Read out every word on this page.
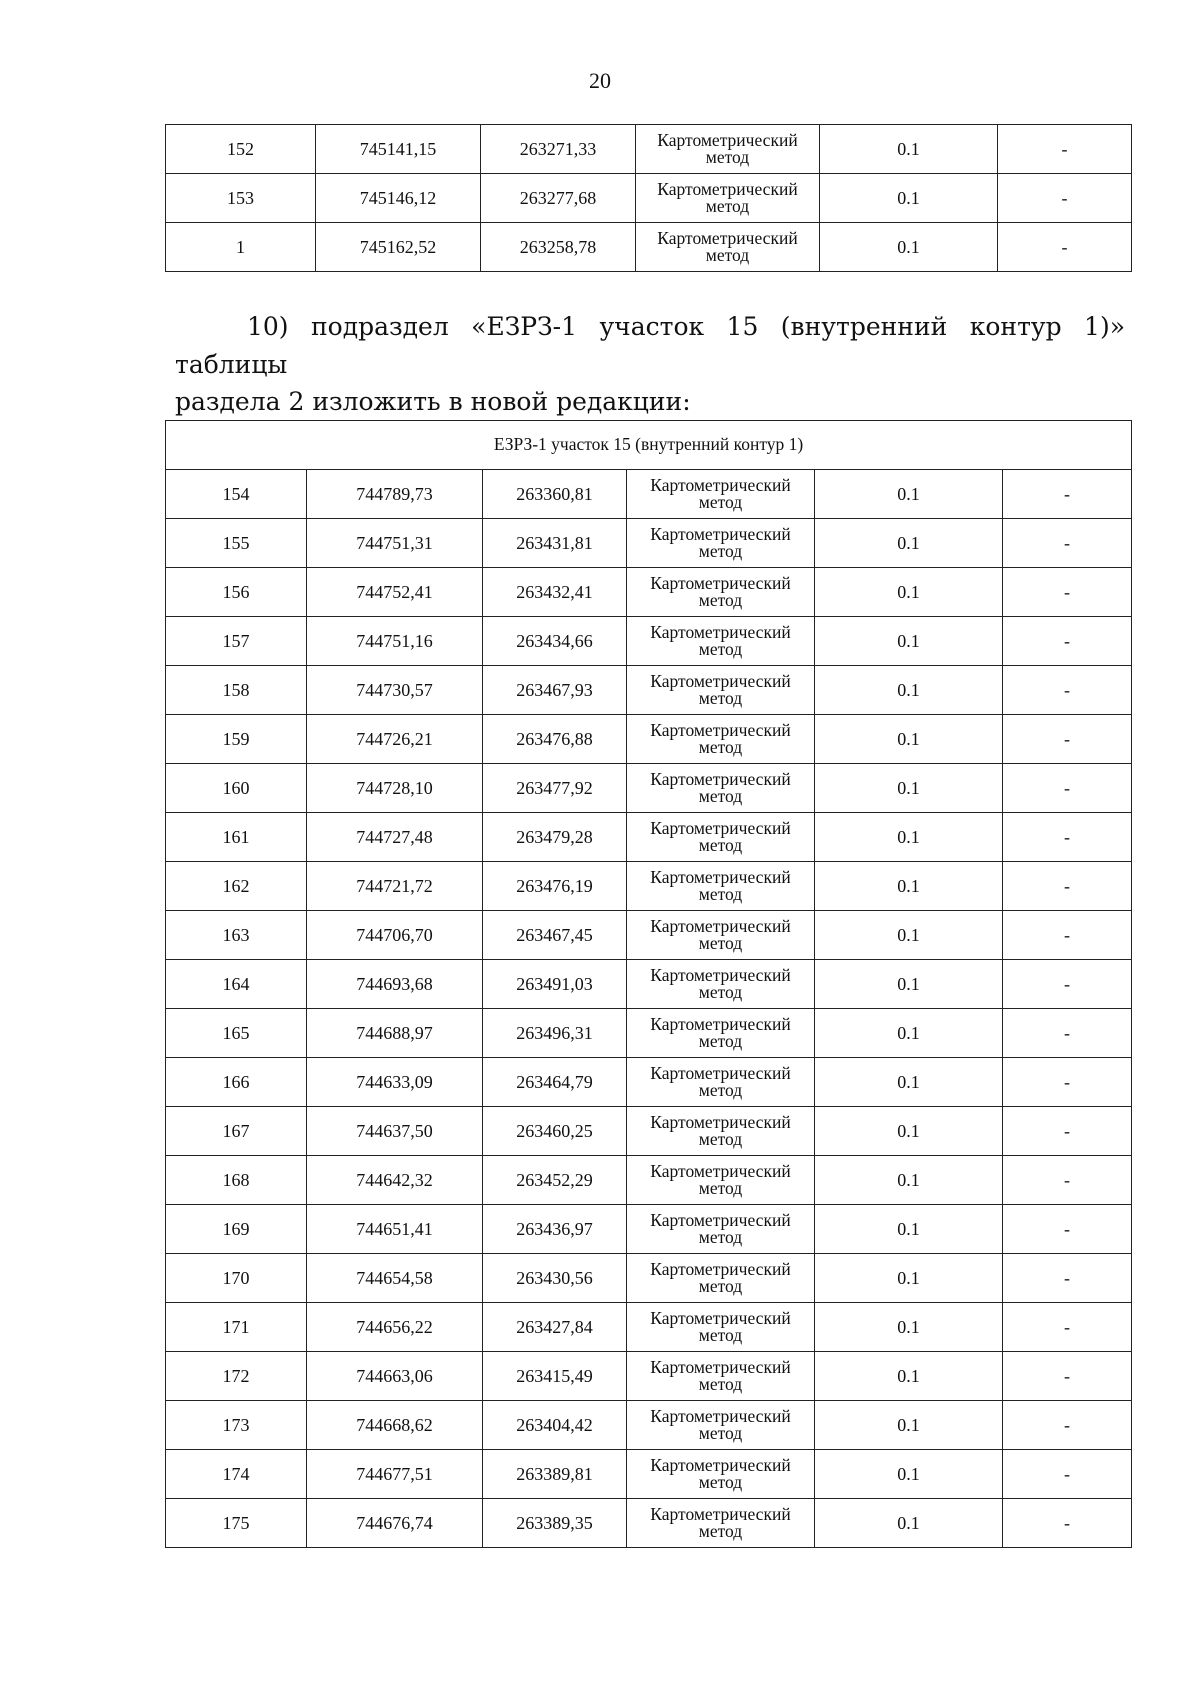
20
152	745141,15	263271,33	Картометрический метод	0.1	-
153	745146,12	263277,68	Картометрический метод	0.1	-
1	745162,52	263258,78	Картометрический метод	0.1	-
10) подраздел «ЕЗРЗ-1 участок 15 (внутренний контур 1)» таблицы
раздела 2 изложить в новой редакции:
ЕЗРЗ-1 участок 15 (внутренний контур 1)					
154	744789,73	263360,81	Картометрический метод	0.1	-
155	744751,31	263431,81	Картометрический метод	0.1	-
156	744752,41	263432,41	Картометрический метод	0.1	-
157	744751,16	263434,66	Картометрический метод	0.1	-
158	744730,57	263467,93	Картометрический метод	0.1	-
159	744726,21	263476,88	Картометрический метод	0.1	-
160	744728,10	263477,92	Картометрический метод	0.1	-
161	744727,48	263479,28	Картометрический метод	0.1	-
162	744721,72	263476,19	Картометрический метод	0.1	-
163	744706,70	263467,45	Картометрический метод	0.1	-
164	744693,68	263491,03	Картометрический метод	0.1	-
165	744688,97	263496,31	Картометрический метод	0.1	-
166	744633,09	263464,79	Картометрический метод	0.1	-
167	744637,50	263460,25	Картометрический метод	0.1	-
168	744642,32	263452,29	Картометрический метод	0.1	-
169	744651,41	263436,97	Картометрический метод	0.1	-
170	744654,58	263430,56	Картометрический метод	0.1	-
171	744656,22	263427,84	Картометрический метод	0.1	-
172	744663,06	263415,49	Картометрический метод	0.1	-
173	744668,62	263404,42	Картометрический метод	0.1	-
174	744677,51	263389,81	Картометрический метод	0.1	-
175	744676,74	263389,35	Картометрический метод	0.1	-
